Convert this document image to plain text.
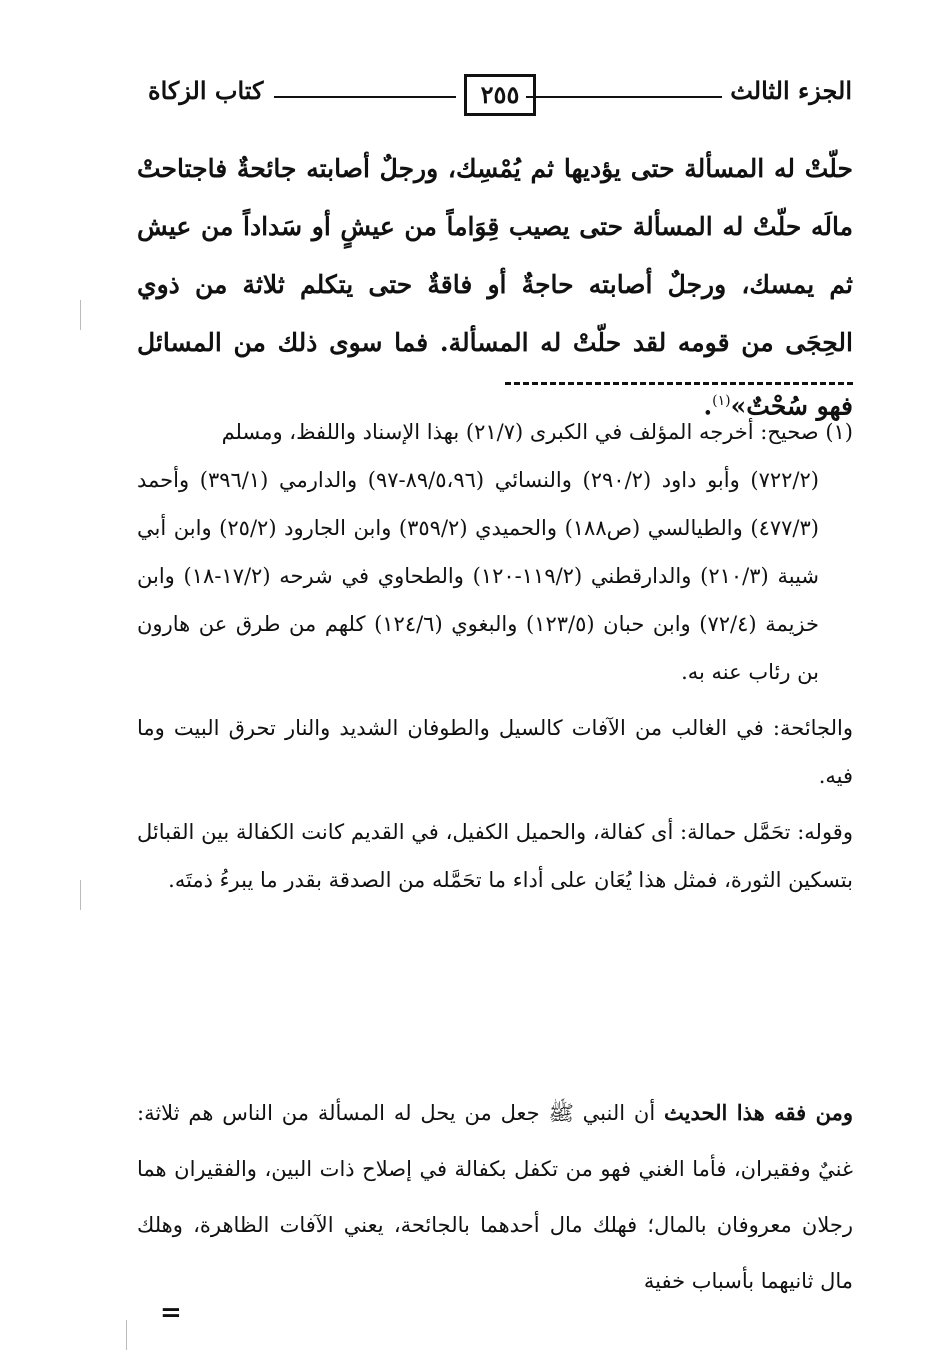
الجزء الثالث
٢٥٥
كتاب الزكاة
حلّتْ له المسألة حتى يؤديها ثم يُمْسِك، ورجلٌ أصابته جائحةٌ فاجتاحتْ مالَه حلّتْ له المسألة حتى يصيب قِوَاماً من عيشٍ أو سَداداً من عيش ثم يمسك، ورجلٌ أصابته حاجةٌ أو فاقةٌ حتى يتكلم ثلاثة من ذوي الحِجَى من قومه لقد حلّتْ له المسألة. فما سوى ذلك من المسائل فهو سُحْتٌ»$^{(١)}$.
(١) صحيح: أخرجه المؤلف في الكبرى (٢١/٧) بهذا الإسناد واللفظ، ومسلم
(٧٢٢/٢) وأبو داود (٢٩٠/٢) والنسائي (٨٩/٥،٩٦-٩٧) والدارمي (٣٩٦/١) وأحمد (٤٧٧/٣) والطيالسي (ص١٨٨) والحميدي (٣٥٩/٢) وابن الجارود (٢٥/٢) وابن أبي شيبة (٢١٠/٣) والدارقطني (١١٩/٢-١٢٠) والطحاوي في شرحه (١٧/٢-١٨) وابن خزيمة (٧٢/٤) وابن حبان (١٢٣/٥) والبغوي (١٢٤/٦) كلهم من طرق عن هارون بن رئاب عنه به.
والجائحة: في الغالب من الآفات كالسيل والطوفان الشديد والنار تحرق البيت وما فيه.
وقوله: تحَمَّل حمالة: أى كفالة، والحميل الكفيل، في القديم كانت الكفالة بين القبائل بتسكين الثورة، فمثل هذا يُعَان على أداء ما تحَمَّله من الصدقة بقدر ما يبرءُ ذمتَه.
ومن فقه هذا الحديث أن النبي ﷺ جعل من يحل له المسألة من الناس هم ثلاثة: غنيٌ وفقيران، فأما الغني فهو من تكفل بكفالة في إصلاح ذات البين، والفقيران هما رجلان معروفان بالمال؛ فهلك مال أحدهما بالجائحة، يعني الآفات الظاهرة، وهلك مال ثانيهما بأسباب خفية
=
